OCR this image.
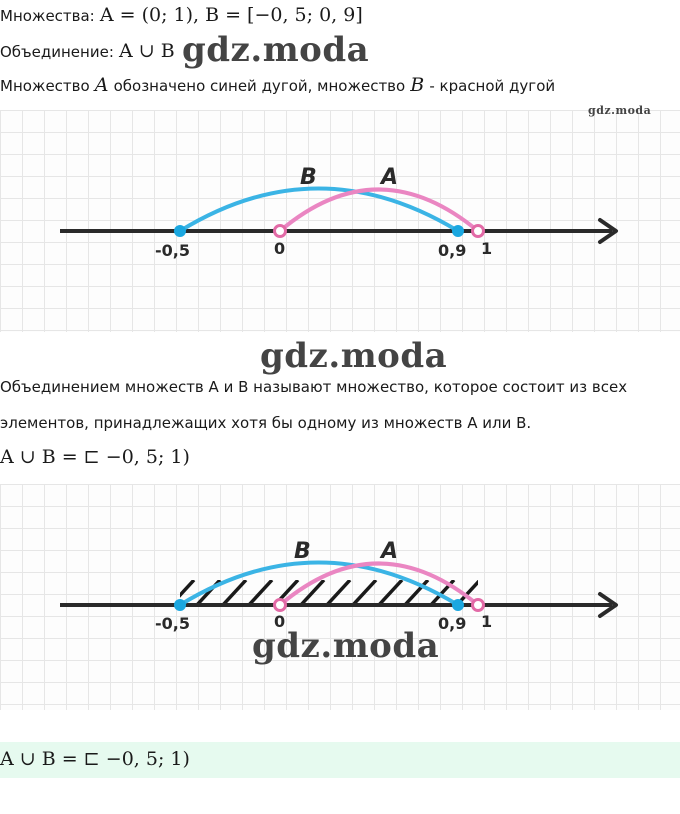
Множества: A = (0; 1), B = [−0, 5; 0, 9]
Объединение: A ∪ B gdz.moda
Множество A обозначено синей дугой, множество B - красной дугой
gdz.moda
B	A
-0,5	0	0,9 1
gdz.moda
Объединением множеств А и В называют множество, которое состоит из всех
элементов, принадлежащих хотя бы одному из множеств А или В.
A ∪ B = ⊏ −0, 5; 1)
B	A
-0,5	0	0,9 1
gdz.moda
A ∪ B = ⊏ −0, 5; 1)
